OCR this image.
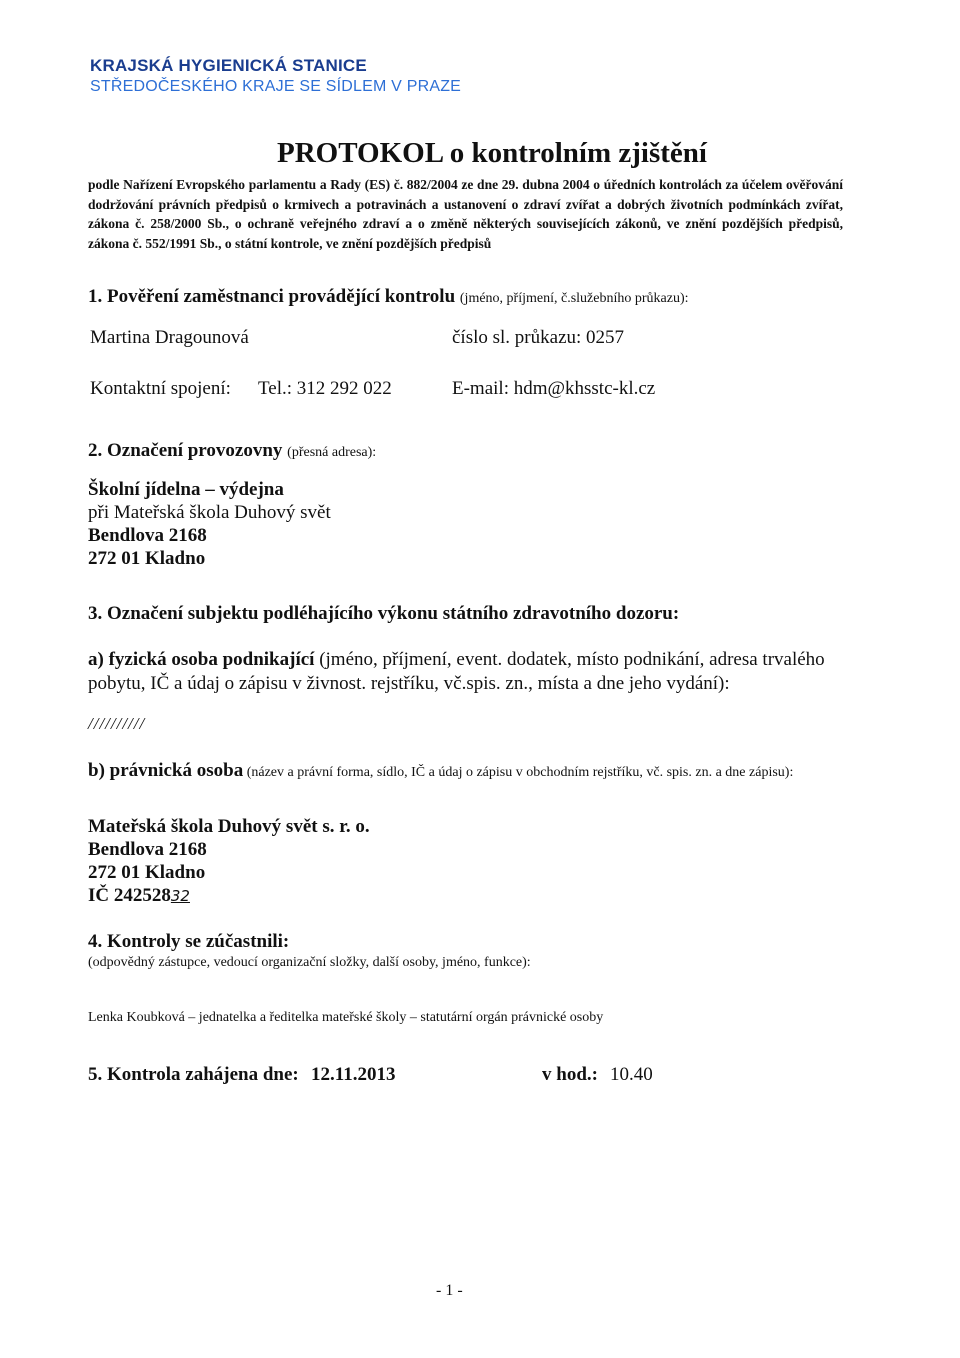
KRAJSKÁ HYGIENICKÁ STANICE
STŘEDOČESKÉHO KRAJE SE SÍDLEM V PRAZE
PROTOKOL o kontrolním zjištění

podle Nařízení Evropského parlamentu a Rady (ES) č. 882/2004 ze dne 29. dubna 2004 o úředních kontrolách za účelem ověřování dodržování právních předpisů o krmivech a potravinách a ustanovení o zdraví zvířat a dobrých životních podmínkách zvířat, zákona č. 258/2000 Sb., o ochraně veřejného zdraví a o změně některých souvisejících zákonů, ve znění pozdějších předpisů, zákona č. 552/1991 Sb., o státní kontrole, ve znění pozdějších předpisů

1. Pověření zaměstnanci provádějící kontrolu (jméno, příjmení, č.služebního průkazu):
Martina Dragounová	číslo sl. průkazu: 0257
Kontaktní spojení: Tel.: 312 292 022	E-mail: hdm@khsstc-kl.cz
2. Označení provozovny (přesná adresa):
Školní jídelna – výdejna
při Mateřská škola Duhový svět
Bendlova 2168
272 01 Kladno
3. Označení subjektu podléhajícího výkonu státního zdravotního dozoru:
a) fyzická osoba podnikající (jméno, příjmení, event. dodatek, místo podnikání, adresa trvalého pobytu, IČ a údaj o zápisu v živnost. rejstříku, vč.spis. zn., místa a dne jeho vydání):
//////////
b) právnická osoba (název a právní forma, sídlo, IČ a údaj o zápisu v obchodním rejstříku, vč. spis. zn. a dne zápisu):
Mateřská škola Duhový svět s. r. o.
Bendlova 2168
272 01 Kladno
IČ 24252832
4. Kontroly se zúčastnili:
(odpovědný zástupce, vedoucí organizační složky, další osoby, jméno, funkce):
Lenka Koubková – jednatelka a ředitelka mateřské školy – statutární orgán právnické osoby
5. Kontrola zahájena dne: 12.11.2013	v hod.: 10.40
- 1 -
